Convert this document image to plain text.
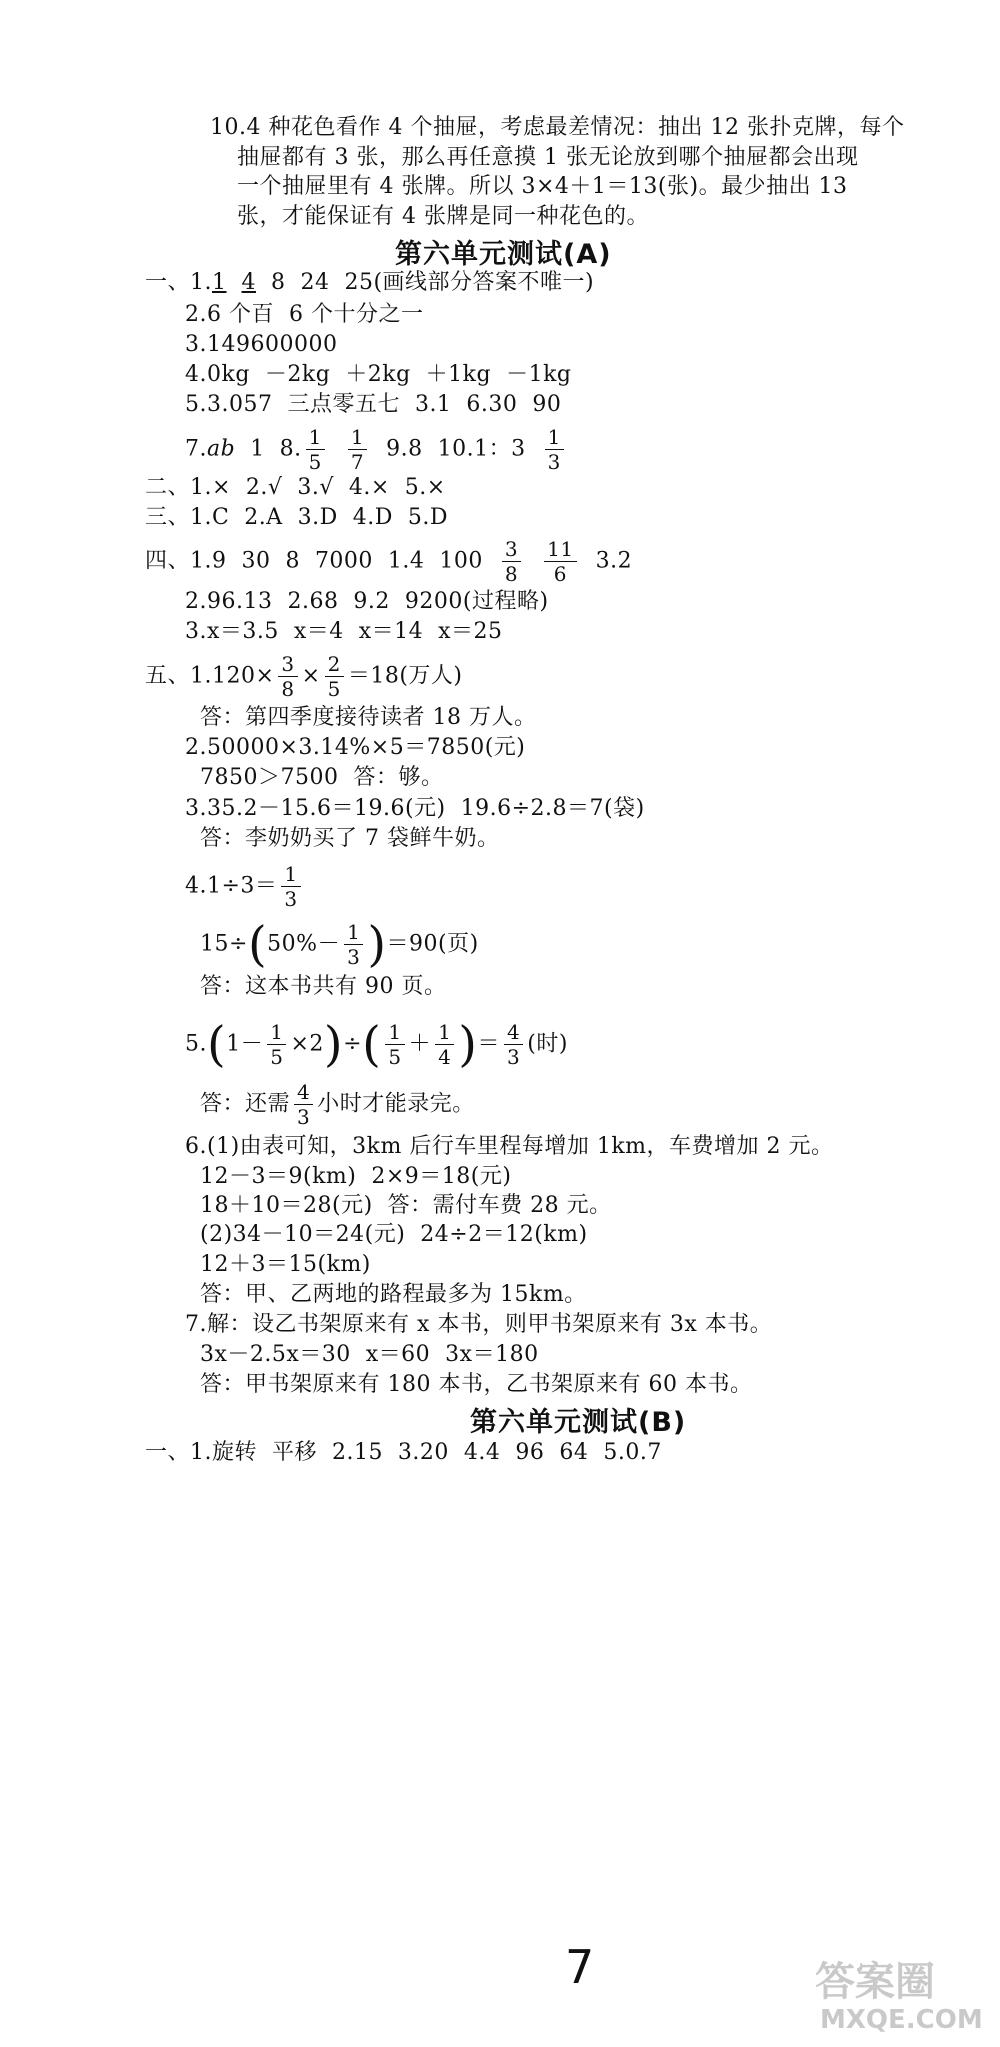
10.4 种花色看作 4 个抽屉，考虑最差情况：抽出 12 张扑克牌，每个
抽屉都有 3 张，那么再任意摸 1 张无论放到哪个抽屉都会出现
一个抽屉里有 4 张牌。所以 3×4＋1＝13(张)。最少抽出 13
张，才能保证有 4 张牌是同一种花色的。
第六单元测试(A)
一、1.1 4  8  24  25(画线部分答案不唯一)
2.6 个百  6 个十分之一
3.149600000
4.0kg  －2kg  ＋2kg  ＋1kg  －1kg
5.3.057  三点零五七  3.1  6.30  90
7.ab  1  8. $\frac{1}{5}$
$\frac{1}{7} 9.8$  10.1：$3 \frac{1}{3}$
二、1.×  2.√  3.√  4.×  5.×
三、1.C  2.A  3.D  4.D  5.D
四、1.9  30  8  7000  1.4  $100 \frac{3}{8}$
$\frac{11}{6} 3.2$
2.96.13  2.68  9.2  9200(过程略)
3.x＝3.5  x＝4  x＝14  x＝25
五、$1.120\times \frac{3}{8} \times \frac{2}{5} =18$(万人)
答：第四季度接待读者 18 万人。
2.50000×3.14%×5＝7850(元)
7850＞7500  答：够。
3.35.2－15.6＝19.6(元)  19.6÷2.8＝7(袋)
答：李奶奶买了 7 袋鲜牛奶。
$4.1\div 3= \frac{1}{3}$
$15\div(50\%- \frac{1}{3} )=90$(页)
答：这本书共有 90 页。
$5.(1- \frac{1}{5} \times 2)\div( \frac{1}{5} + \frac{1}{4}$ )＝ $\frac{4}{3}$ (时)
答：还需 $\frac{4}{3}$ 小时才能录完。
6.(1)由表可知，3km 后行车里程每增加 1km，车费增加 2 元。
12－3＝9(km)  2×9＝18(元)
18＋10＝28(元)  答：需付车费 28 元。
(2)34－10＝24(元)  24÷2＝12(km)
12＋3＝15(km)
答：甲、乙两地的路程最多为 15km。
7.解：设乙书架原来有 x 本书，则甲书架原来有 3x 本书。
3x－2.5x＝30  x＝60  3x＝180
答：甲书架原来有 180 本书，乙书架原来有 60 本书。
第六单元测试(B)
一、1.旋转  平移  2.15  3.20  4.4  96  64  5.0.7
7	答案圈
MXQE.COM
